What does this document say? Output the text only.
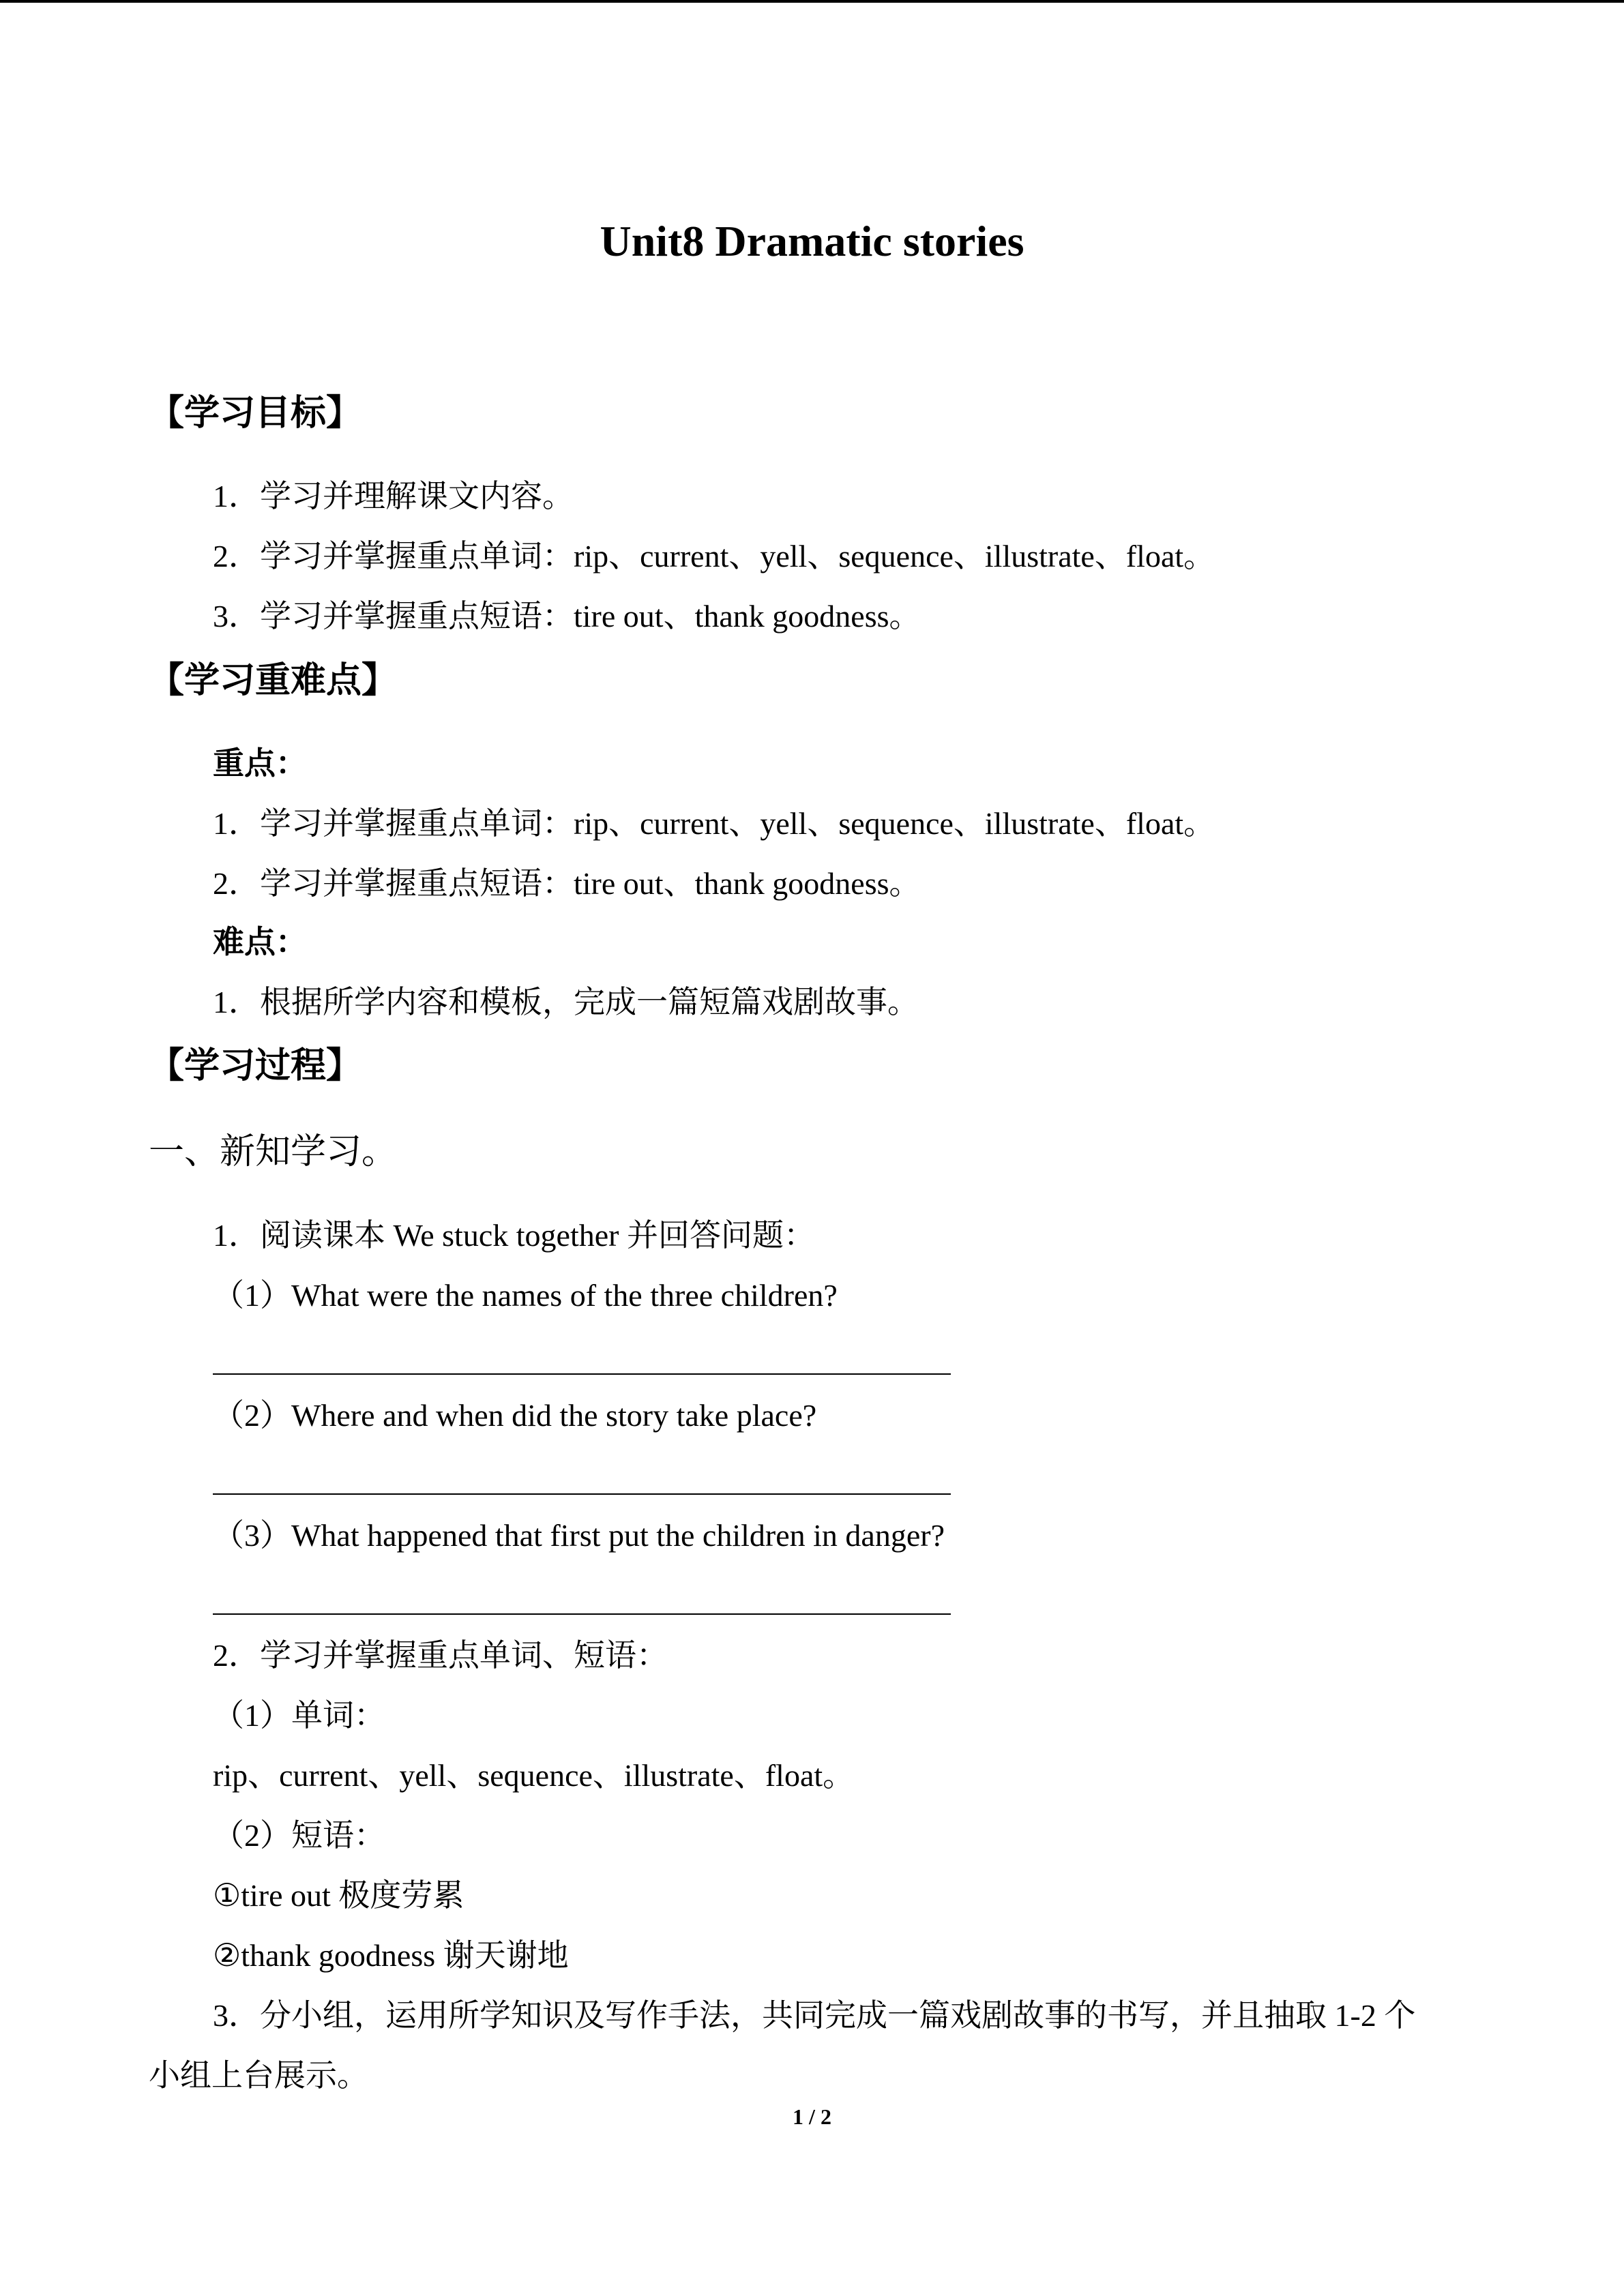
Unit8 Dramatic stories
【学习目标】
1．学习并理解课文内容。
2．学习并掌握重点单词：rip、current、yell、sequence、illustrate、float。
3．学习并掌握重点短语：tire out、thank goodness。
【学习重难点】
重点：
1．学习并掌握重点单词：rip、current、yell、sequence、illustrate、float。
2．学习并掌握重点短语：tire out、thank goodness。
难点：
1．根据所学内容和模板，完成一篇短篇戏剧故事。
【学习过程】
一、新知学习。
1．阅读课本 We stuck together 并回答问题：
（1）What were the names of the three children?
（2）Where and when did the story take place?
（3）What happened that first put the children in danger?
2．学习并掌握重点单词、短语：
（1）单词：
rip、current、yell、sequence、illustrate、float。
（2）短语：
①tire out 极度劳累
②thank goodness 谢天谢地
3．分小组，运用所学知识及写作手法，共同完成一篇戏剧故事的书写，并且抽取 1-2 个
小组上台展示。
1 / 2
